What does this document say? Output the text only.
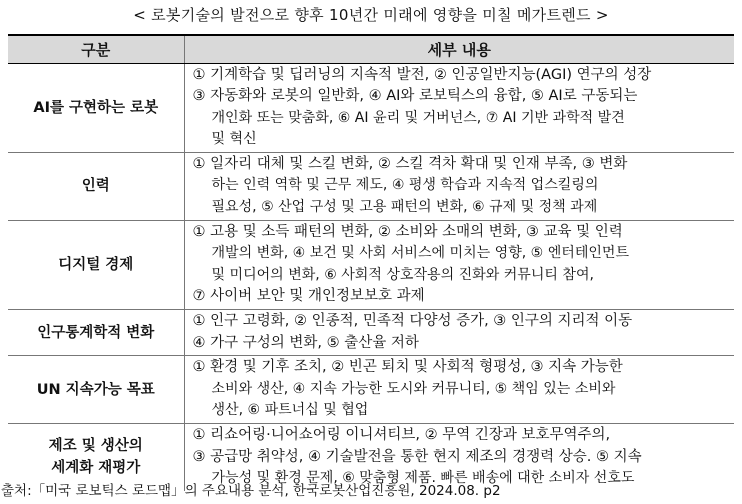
< 로봇기술의 발전으로 향후 10년간 미래에 영향을 미칠 메가트렌드 >
구분	세부 내용

AI를 구현하는 로봇	① 기계학습 및 딥러닝의 지속적 발전, ② 인공일반지능(AGI) 연구의 성장
③ 자동화와 로봇의 일반화, ④ AI와 로보틱스의 융합, ⑤ AI로 구동되는
개인화 또는 맞춤화, ⑥ AI 윤리 및 거버넌스, ⑦ AI 기반 과학적 발견
및 혁신

인력	① 일자리 대체 및 스킬 변화, ② 스킬 격차 확대 및 인재 부족, ③ 변화
하는 인력 역학 및 근무 제도, ④ 평생 학습과 지속적 업스킬링의
필요성, ⑤ 산업 구성 및 고용 패턴의 변화, ⑥ 규제 및 정책 과제

디지털 경제	① 고용 및 소득 패턴의 변화, ② 소비와 소매의 변화, ③ 교육 및 인력
개발의 변화, ④ 보건 및 사회 서비스에 미치는 영향, ⑤ 엔터테인먼트
및 미디어의 변화, ⑥ 사회적 상호작용의 진화와 커뮤니티 참여,
⑦ 사이버 보안 및 개인정보보호 과제

인구통계학적 변화	① 인구 고령화, ② 인종적, 민족적 다양성 증가, ③ 인구의 지리적 이동
④ 가구 구성의 변화, ⑤ 출산율 저하

UN 지속가능 목표	① 환경 및 기후 조치, ② 빈곤 퇴치 및 사회적 형평성, ③ 지속 가능한
소비와 생산, ④ 지속 가능한 도시와 커뮤니티, ⑤ 책임 있는 소비와
생산, ⑥ 파트너십 및 협업

제조 및 생산의
세계화 재평가	① 리쇼어링·니어쇼어링 이니셔티브, ② 무역 긴장과 보호무역주의,
③ 공급망 취약성, ④ 기술발전을 통한 현지 제조의 경쟁력 상승. ⑤ 지속
가능성 및 환경 문제, ⑥ 맞춤형 제품. 빠른 배송에 대한 소비자 선호도
출처:「미국 로보틱스 로드맵」의 주요내용 분석, 한국로봇산업진흥원, 2024.08. p2
